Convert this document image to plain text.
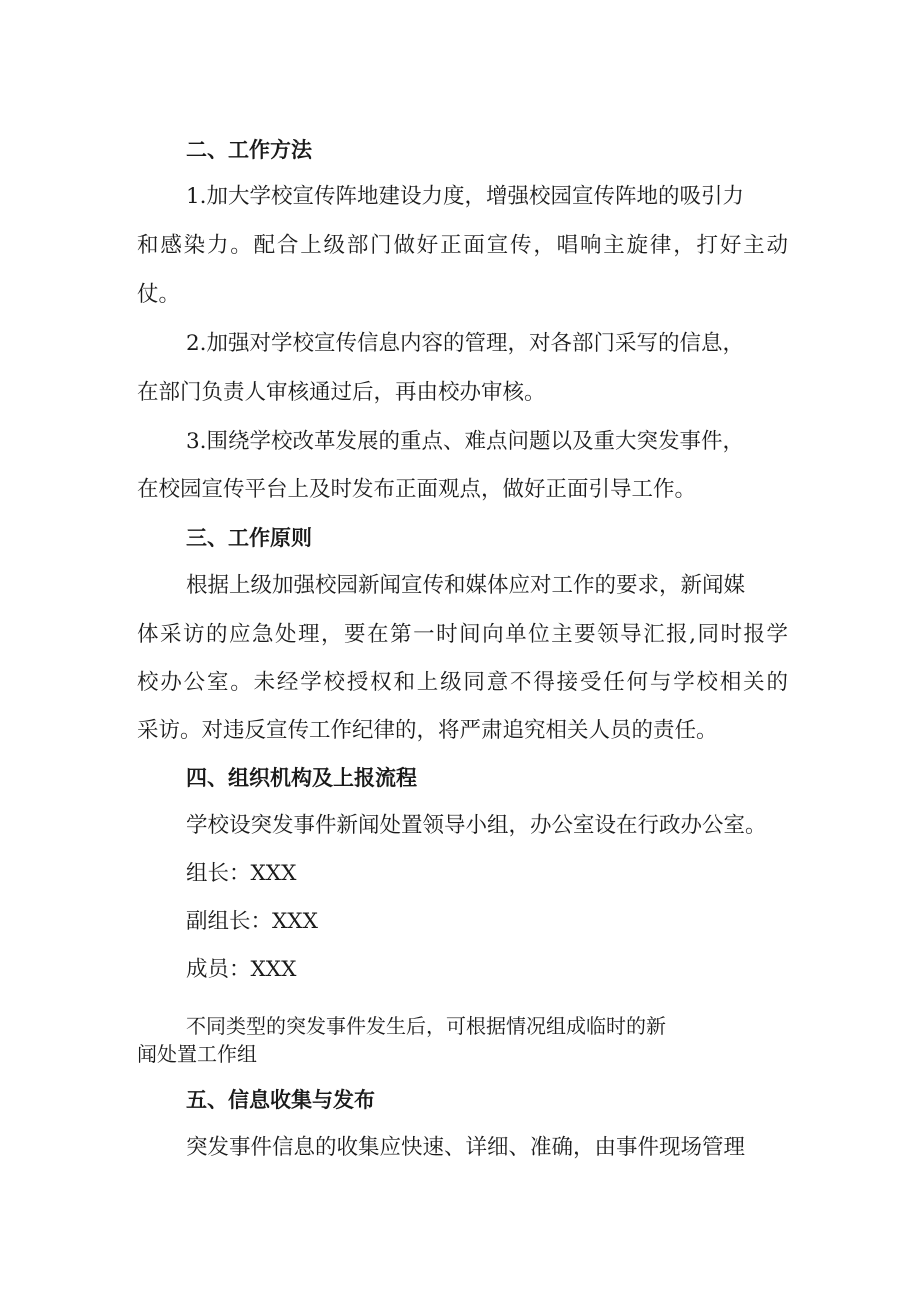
二、工作方法
1.加大学校宣传阵地建设力度，增强校园宣传阵地的吸引力
和感染力。配合上级部门做好正面宣传，唱响主旋律，打好主动
仗。
2.加强对学校宣传信息内容的管理，对各部门采写的信息，
在部门负责人审核通过后，再由校办审核。
3.围绕学校改革发展的重点、难点问题以及重大突发事件，
在校园宣传平台上及时发布正面观点，做好正面引导工作。
三、工作原则
根据上级加强校园新闻宣传和媒体应对工作的要求，新闻媒
体采访的应急处理，要在第一时间向单位主要领导汇报,同时报学
校办公室。未经学校授权和上级同意不得接受任何与学校相关的
采访。对违反宣传工作纪律的，将严肃追究相关人员的责任。
四、组织机构及上报流程
学校设突发事件新闻处置领导小组，办公室设在行政办公室。
组长：XXX
副组长：XXX
成员：XXX
不同类型的突发事件发生后，可根据情况组成临时的新
闻处置工作组
五、信息收集与发布
突发事件信息的收集应快速、详细、准确，由事件现场管理
